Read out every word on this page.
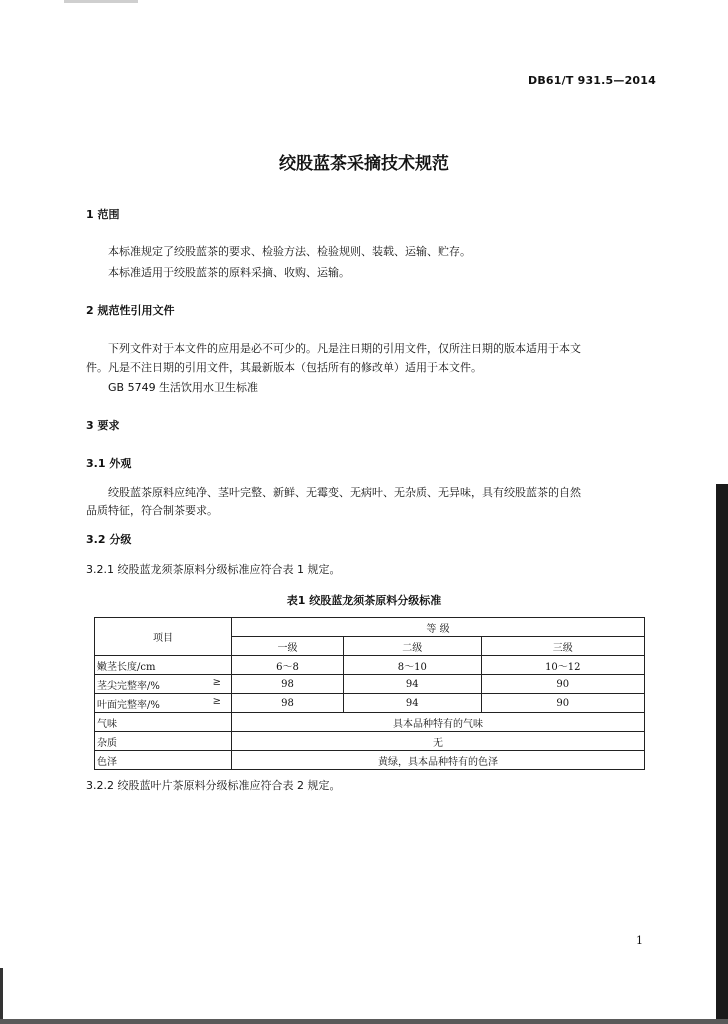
DB61/T 931.5—2014
绞股蓝茶采摘技术规范
1 范围
本标准规定了绞股蓝茶的要求、检验方法、检验规则、装载、运输、贮存。
本标准适用于绞股蓝茶的原料采摘、收购、运输。
2 规范性引用文件
下列文件对于本文件的应用是必不可少的。凡是注日期的引用文件，仅所注日期的版本适用于本文
件。凡是不注日期的引用文件，其最新版本（包括所有的修改单）适用于本文件。
GB 5749 生活饮用水卫生标准
3 要求
3.1 外观
绞股蓝茶原料应纯净、茎叶完整、新鲜、无霉变、无病叶、无杂质、无异味，具有绞股蓝茶的自然
品质特征，符合制茶要求。
3.2 分级
3.2.1 绞股蓝龙须茶原料分级标准应符合表 1 规定。
表1 绞股蓝龙须茶原料分级标准
项目	等 级		
	一级	二级	三级
嫩茎长度/cm	6～8	8～10	10～12
茎尖完整率/% ≥	98	94	90
叶面完整率/% ≥	98	94	90
气味	具本品种特有的气味		
杂质	无		
色泽	黄绿，具本品种特有的色泽		
3.2.2 绞股蓝叶片茶原料分级标准应符合表 2 规定。
1
